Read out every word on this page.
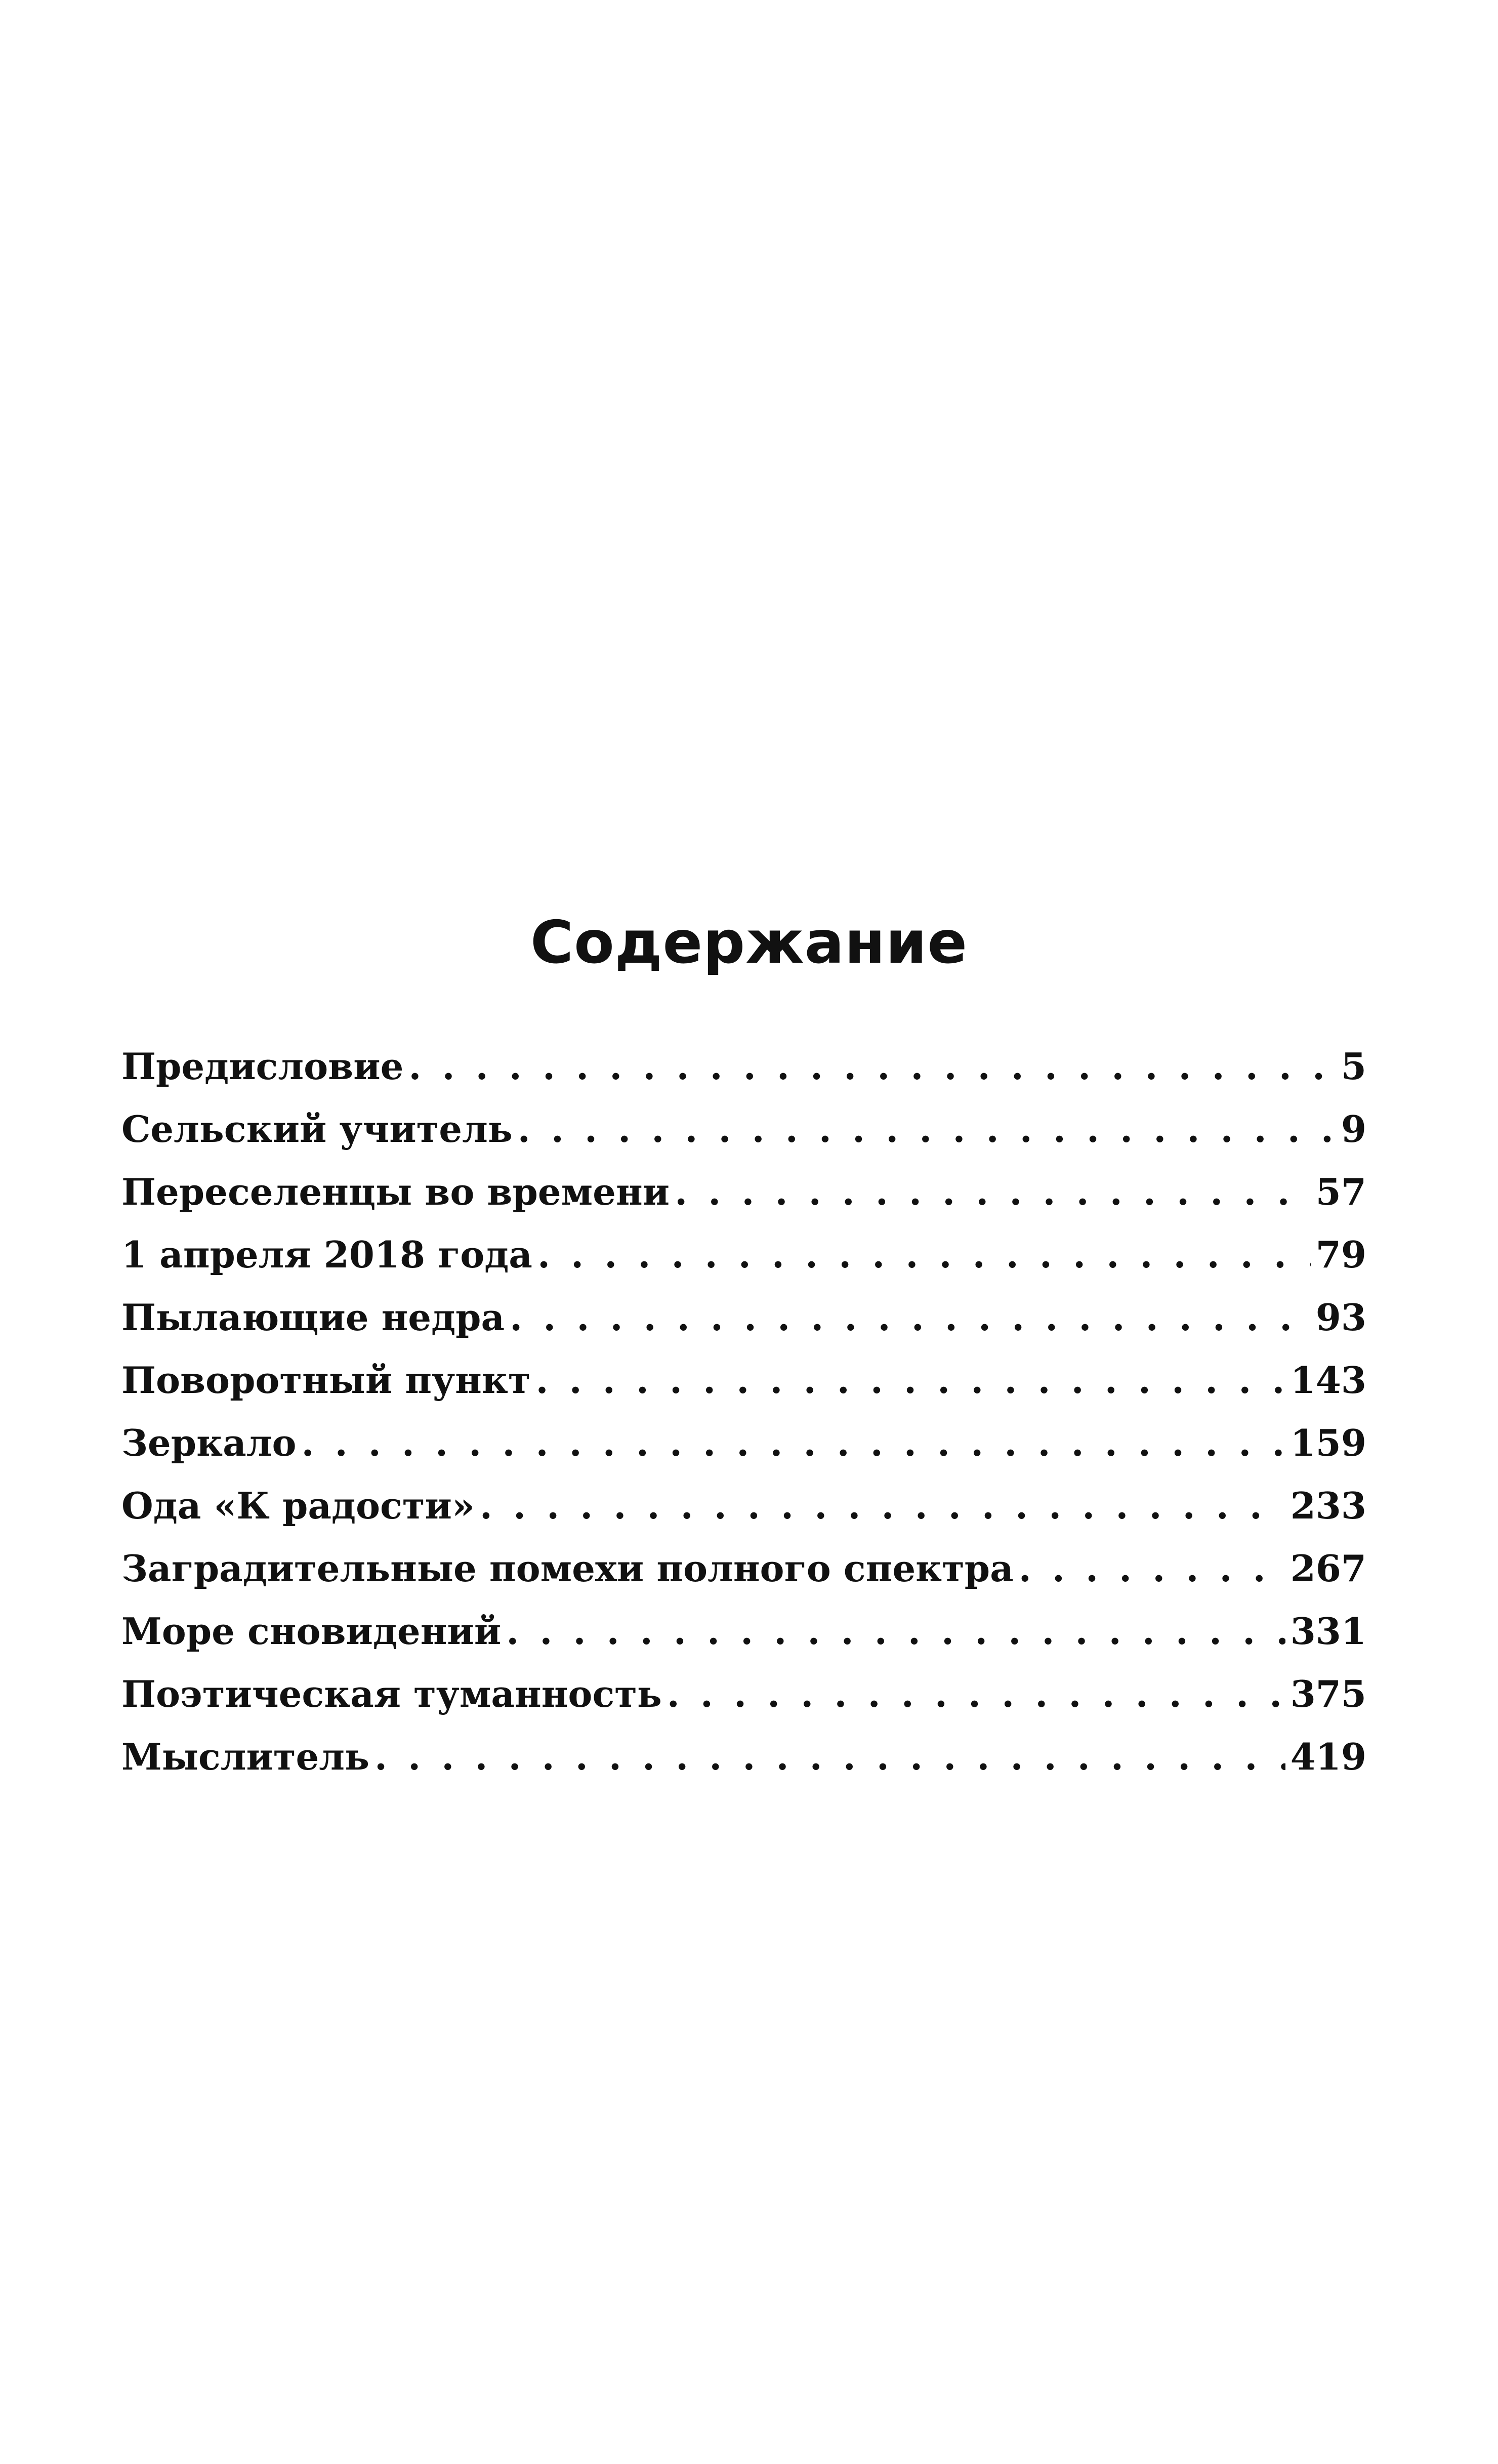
Содержание
Предисловие . . .	5
Сельский учитель . . .	9
Переселенцы во времени . . .	57
1 апреля 2018 года . . .	79
Пылающие недра . . .	93
Поворотный пункт . . .	143
Зеркало . . .	159
Ода «К радости» . . .	233
Заградительные помехи полного спектра . . .	267
Море сновидений . . .	331
Поэтическая туманность . . .	375
Мыслитель . . .	419
